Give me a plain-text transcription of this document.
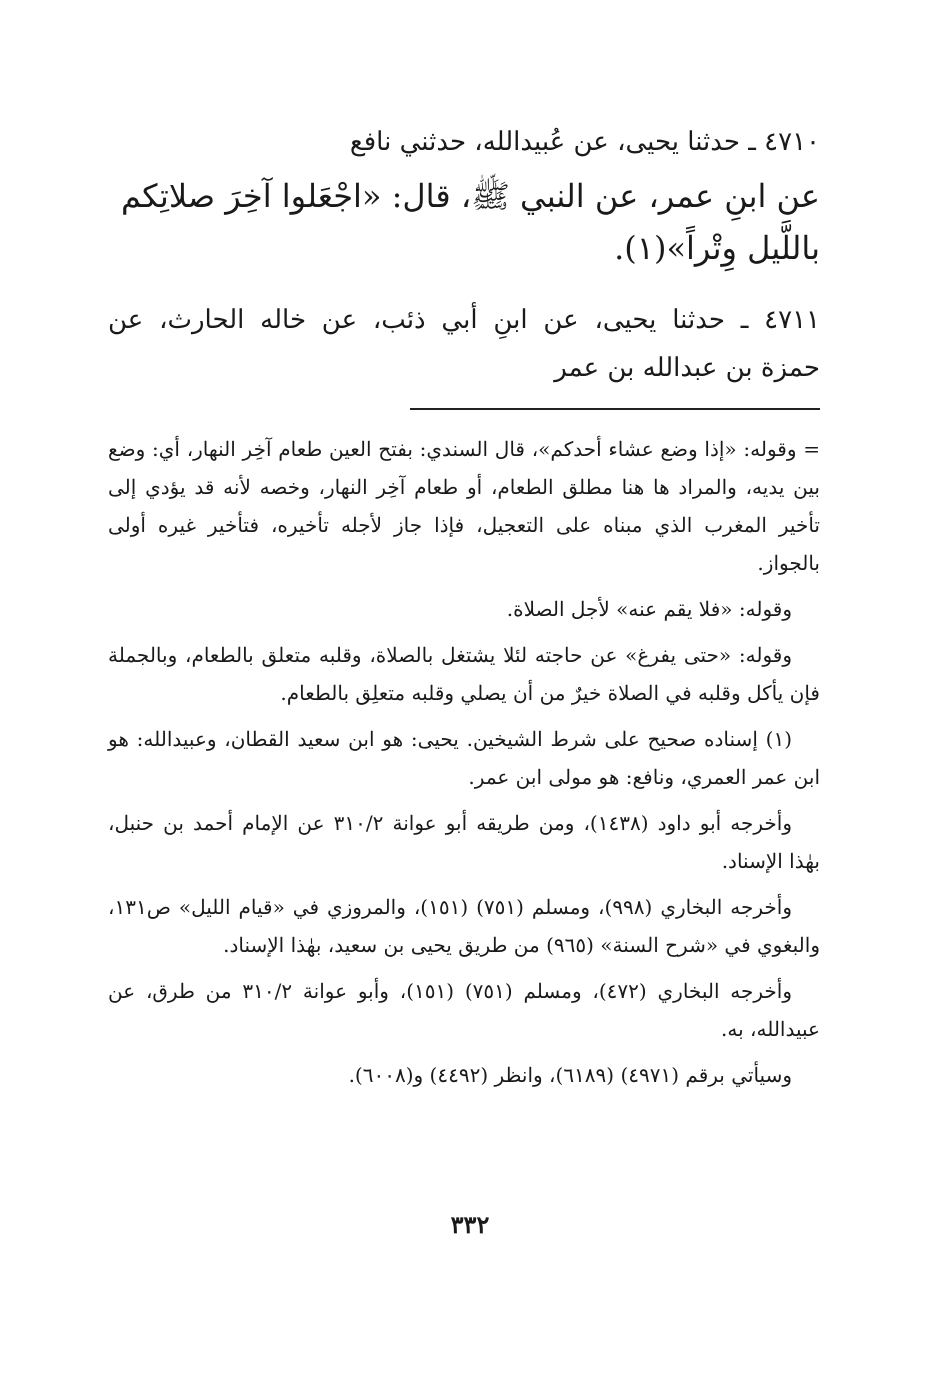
٤٧١٠ ـ حدثنا يحيى، عن عُبيدالله، حدثني نافع

عن ابنِ عمر، عن النبي ﷺ، قال: «اجْعَلوا آخِرَ صلاتِكم

باللَّيل وِتْراً»(١).

٤٧١١ ـ حدثنا يحيى، عن ابنِ أبي ذئب، عن خاله الحارث، عن

حمزة بن عبدالله بن عمر

= وقوله: «إذا وضع عشاء أحدكم»، قال السندي: بفتح العين طعام آخِر النهار، أي: وضع بين يديه، والمراد ها هنا مطلق الطعام، أو طعام آخِر النهار، وخصه لأنه قد يؤدي إلى تأخير المغرب الذي مبناه على التعجيل، فإذا جاز لأجله تأخيره، فتأخير غيره أولى بالجواز.

وقوله: «فلا يقم عنه» لأجل الصلاة.

وقوله: «حتى يفرغ» عن حاجته لئلا يشتغل بالصلاة، وقلبه متعلق بالطعام، وبالجملة فإن يأكل وقلبه في الصلاة خيرٌ من أن يصلي وقلبه متعلِق بالطعام.

(١) إسناده صحيح على شرط الشيخين. يحيى: هو ابن سعيد القطان، وعبيدالله: هو ابن عمر العمري، ونافع: هو مولى ابن عمر.

وأخرجه أبو داود (١٤٣٨)، ومن طريقه أبو عوانة ٣١٠/٢ عن الإمام أحمد بن حنبل، بهٰذا الإسناد.

وأخرجه البخاري (٩٩٨)، ومسلم (٧٥١) (١٥١)، والمروزي في «قيام الليل» ص١٣١، والبغوي في «شرح السنة» (٩٦٥) من طريق يحيى بن سعيد، بهٰذا الإسناد.

وأخرجه البخاري (٤٧٢)، ومسلم (٧٥١) (١٥١)، وأبو عوانة ٣١٠/٢ من طرق، عن عبيدالله، به.

وسيأتي برقم (٤٩٧١) (٦١٨٩)، وانظر (٤٤٩٢) و(٦٠٠٨).

٣٣٢
